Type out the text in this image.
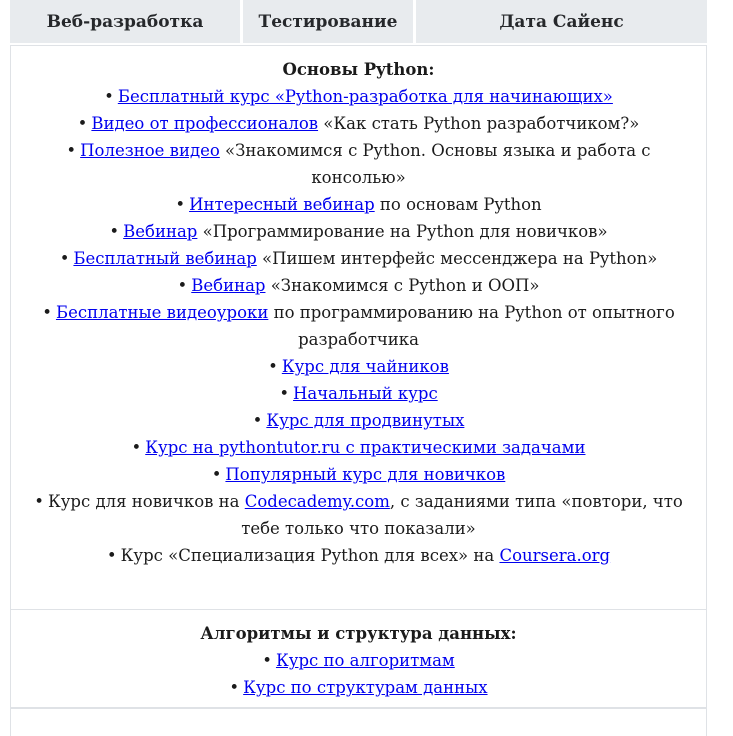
Веб-разработка	Тестирование	Дата Сайенс
Основы Python:
• Бесплатный курс «Python-разработка для начинающих»
• Видео от профессионалов «Как стать Python разработчиком?»
• Полезное видео «Знакомимся с Python. Основы языка и работа с консолью»
• Интересный вебинар по основам Python
• Вебинар «Программирование на Python для новичков»
• Бесплатный вебинар «Пишем интерфейс мессенджера на Python»
• Вебинар «Знакомимся с Python и ООП»
• Бесплатные видеоуроки по программированию на Python от опытного разработчика
• Курс для чайников
• Начальный курс
• Курс для продвинутых
• Курс на pythontutor.ru с практическими задачами
• Популярный курс для новичков
• Курс для новичков на Codecademy.com, с заданиями типа «повтори, что тебе только что показали»
• Курс «Специализация Python для всех» на Coursera.org
Алгоритмы и структура данных:
• Курс по алгоритмам
• Курс по структурам данных
